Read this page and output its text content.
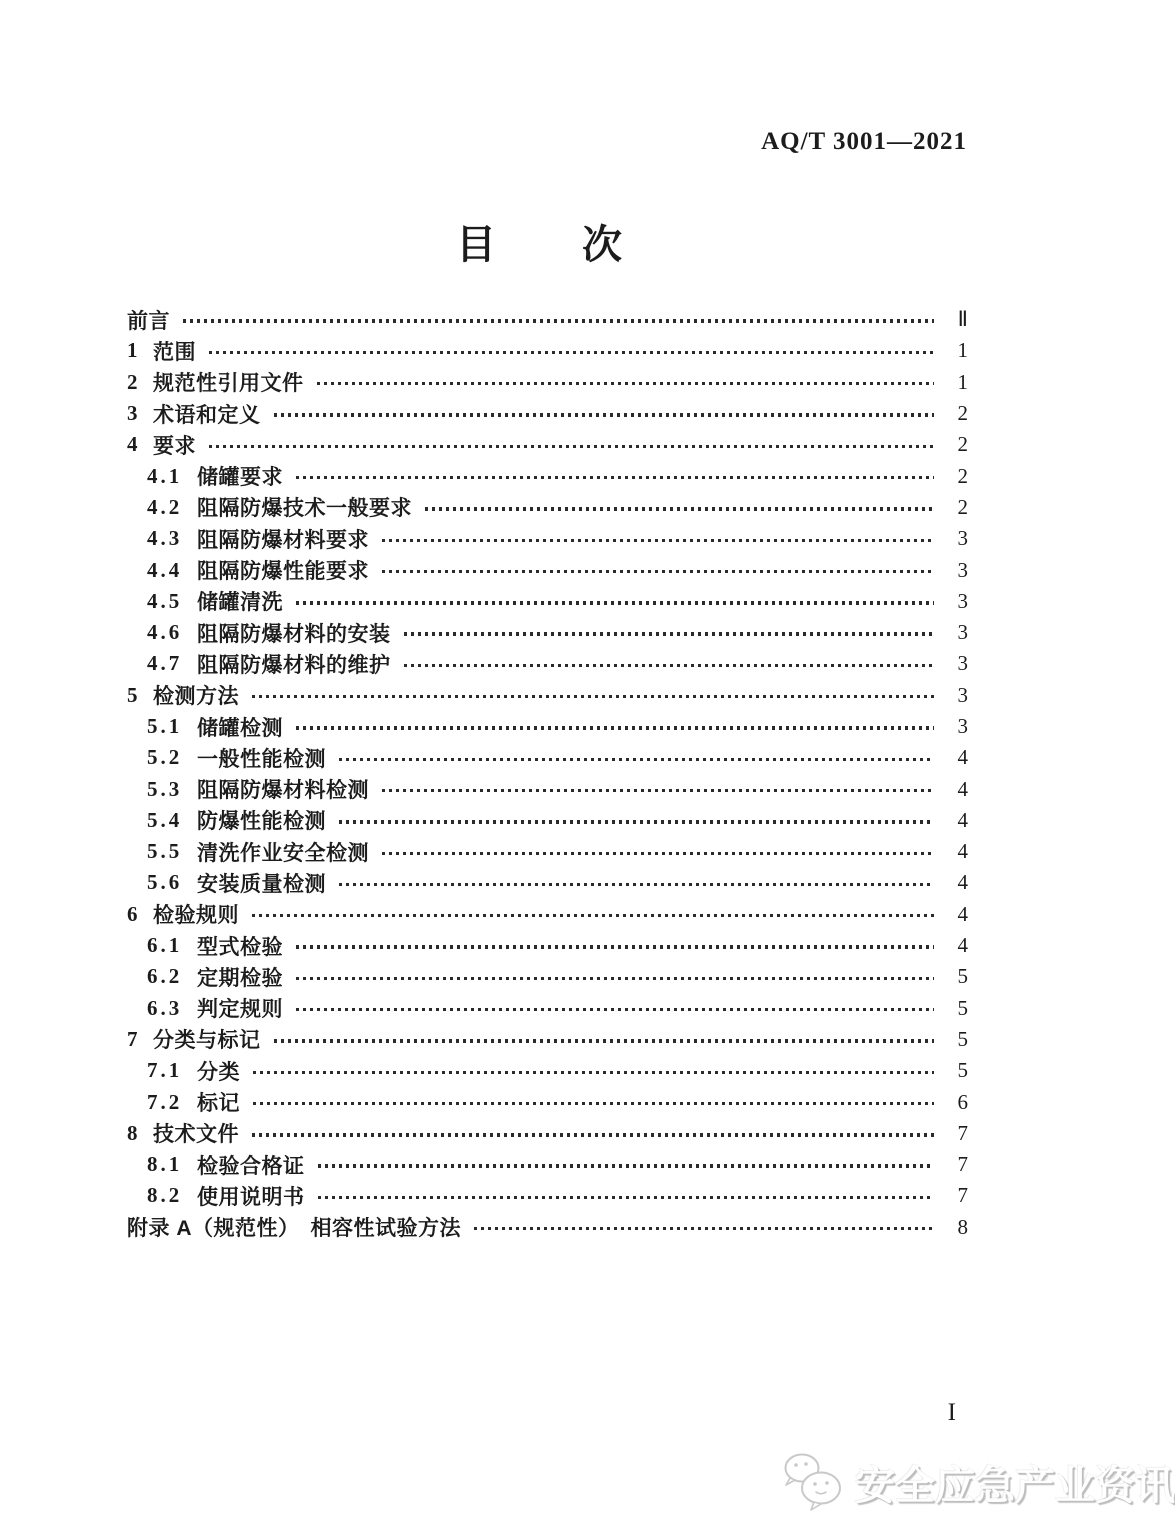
AQ/T 3001—2021
目　　次
前言	Ⅱ
1 范围	1
2 规范性引用文件	1
3 术语和定义	2
4 要求	2
4.1 储罐要求	2
4.2 阻隔防爆技术一般要求	2
4.3 阻隔防爆材料要求	3
4.4 阻隔防爆性能要求	3
4.5 储罐清洗	3
4.6 阻隔防爆材料的安装	3
4.7 阻隔防爆材料的维护	3
5 检测方法	3
5.1 储罐检测	3
5.2 一般性能检测	4
5.3 阻隔防爆材料检测	4
5.4 防爆性能检测	4
5.5 清洗作业安全检测	4
5.6 安装质量检测	4
6 检验规则	4
6.1 型式检验	4
6.2 定期检验	5
6.3 判定规则	5
7 分类与标记	5
7.1 分类	5
7.2 标记	6
8 技术文件	7
8.1 检验合格证	7
8.2 使用说明书	7
附录 A（规范性）　相容性试验方法	8
I
安全应急产业资讯
